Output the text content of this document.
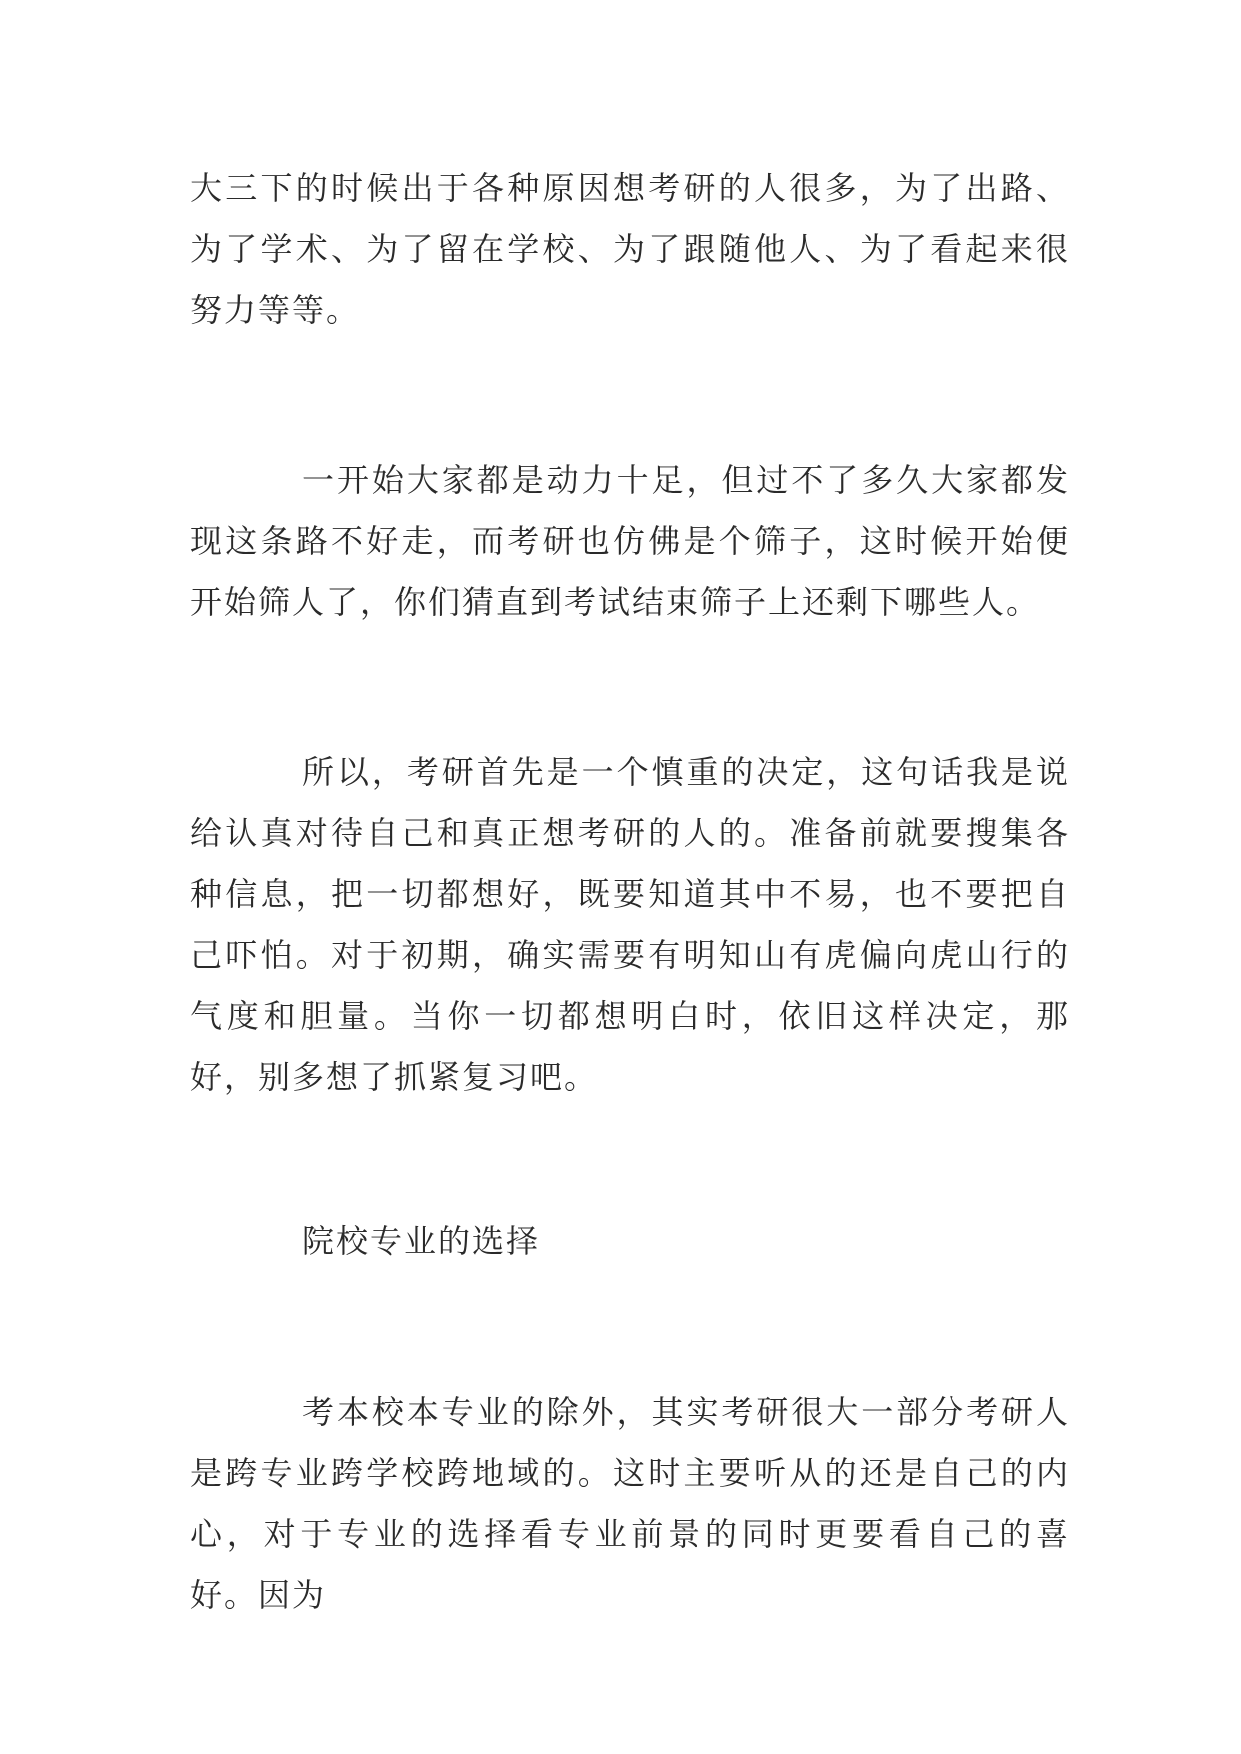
大三下的时候出于各种原因想考研的人很多，为了出路、为了学术、为了留在学校、为了跟随他人、为了看起来很努力等等。

一开始大家都是动力十足，但过不了多久大家都发现这条路不好走，而考研也仿佛是个筛子，这时候开始便开始筛人了，你们猜直到考试结束筛子上还剩下哪些人。

所以，考研首先是一个慎重的决定，这句话我是说给认真对待自己和真正想考研的人的。准备前就要搜集各种信息，把一切都想好，既要知道其中不易，也不要把自己吓怕。对于初期，确实需要有明知山有虎偏向虎山行的气度和胆量。当你一切都想明白时，依旧这样决定，那好，别多想了抓紧复习吧。

院校专业的选择

考本校本专业的除外，其实考研很大一部分考研人是跨专业跨学校跨地域的。这时主要听从的还是自己的内心，对于专业的选择看专业前景的同时更要看自己的喜好。因为
